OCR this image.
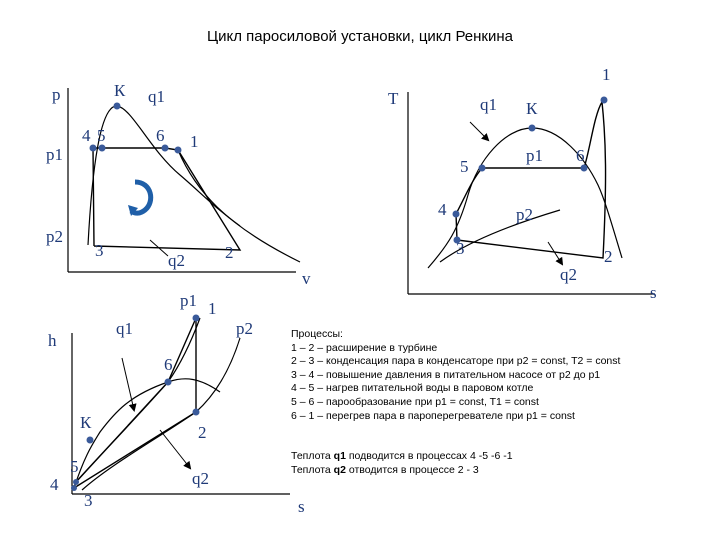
Цикл паросиловой установки, цикл Ренкина
p	К q1
p1
4 5	6 1
p2
3
q2 2
v
1
T	q1 К
p1 6
5
4	p2
3	2
q2
s
p1 1
q1	p2
h
6
К
2
5
4
3
q2
s
Процессы:
1 – 2 – расширение в турбине
2 – 3 – конденсация пара в конденсаторе при p2 = const, T2 = const
3 – 4 – повышение давления в питательном насосе от p2 до p1
4 – 5 – нагрев питательной воды в паровом котле
5 – 6 – парообразование при p1 = const, T1 = const
6 – 1 – перегрев пара в пароперегревателе при p1 = const
Теплота q1 подводится в процессах 4 -5 -6 -1
Теплота q2 отводится в процессе 2 - 3
